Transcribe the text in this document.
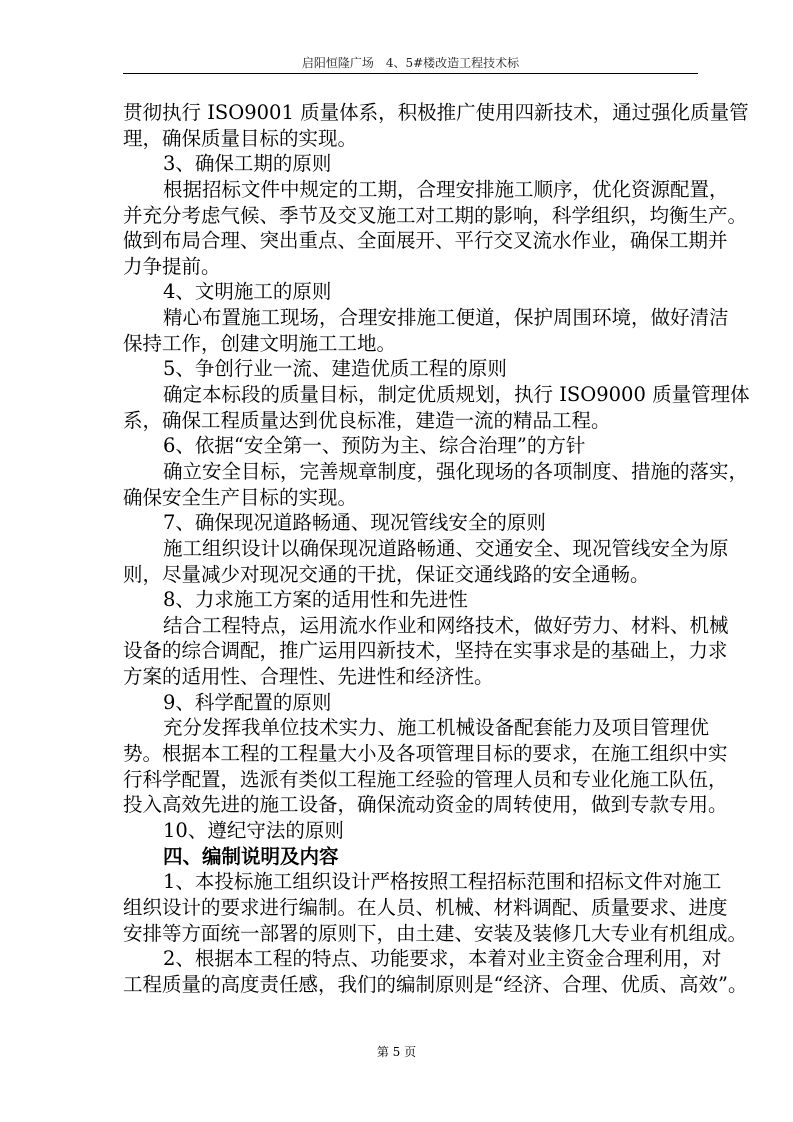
启阳恒隆广场　4、5#楼改造工程技术标
贯彻执行 ISO9001 质量体系，积极推广使用四新技术，通过强化质量管
理，确保质量目标的实现。
3、确保工期的原则
根据招标文件中规定的工期，合理安排施工顺序，优化资源配置，
并充分考虑气候、季节及交叉施工对工期的影响，科学组织，均衡生产。
做到布局合理、突出重点、全面展开、平行交叉流水作业，确保工期并
力争提前。
4、文明施工的原则
精心布置施工现场，合理安排施工便道，保护周围环境，做好清洁
保持工作，创建文明施工工地。
5、争创行业一流、建造优质工程的原则
确定本标段的质量目标，制定优质规划，执行 ISO9000 质量管理体
系，确保工程质量达到优良标准，建造一流的精品工程。
6、依据“安全第一、预防为主、综合治理”的方针
确立安全目标，完善规章制度，强化现场的各项制度、措施的落实，
确保安全生产目标的实现。
7、确保现况道路畅通、现况管线安全的原则
施工组织设计以确保现况道路畅通、交通安全、现况管线安全为原
则，尽量减少对现况交通的干扰，保证交通线路的安全通畅。
8、力求施工方案的适用性和先进性
结合工程特点，运用流水作业和网络技术，做好劳力、材料、机械
设备的综合调配，推广运用四新技术，坚持在实事求是的基础上，力求
方案的适用性、合理性、先进性和经济性。
9、科学配置的原则
充分发挥我单位技术实力、施工机械设备配套能力及项目管理优
势。根据本工程的工程量大小及各项管理目标的要求，在施工组织中实
行科学配置，选派有类似工程施工经验的管理人员和专业化施工队伍，
投入高效先进的施工设备，确保流动资金的周转使用，做到专款专用。
10、遵纪守法的原则
四、编制说明及内容
1、本投标施工组织设计严格按照工程招标范围和招标文件对施工
组织设计的要求进行编制。在人员、机械、材料调配、质量要求、进度
安排等方面统一部署的原则下，由土建、安装及装修几大专业有机组成。
2、根据本工程的特点、功能要求，本着对业主资金合理利用，对
工程质量的高度责任感，我们的编制原则是“经济、合理、优质、高效”。
第 5 页
